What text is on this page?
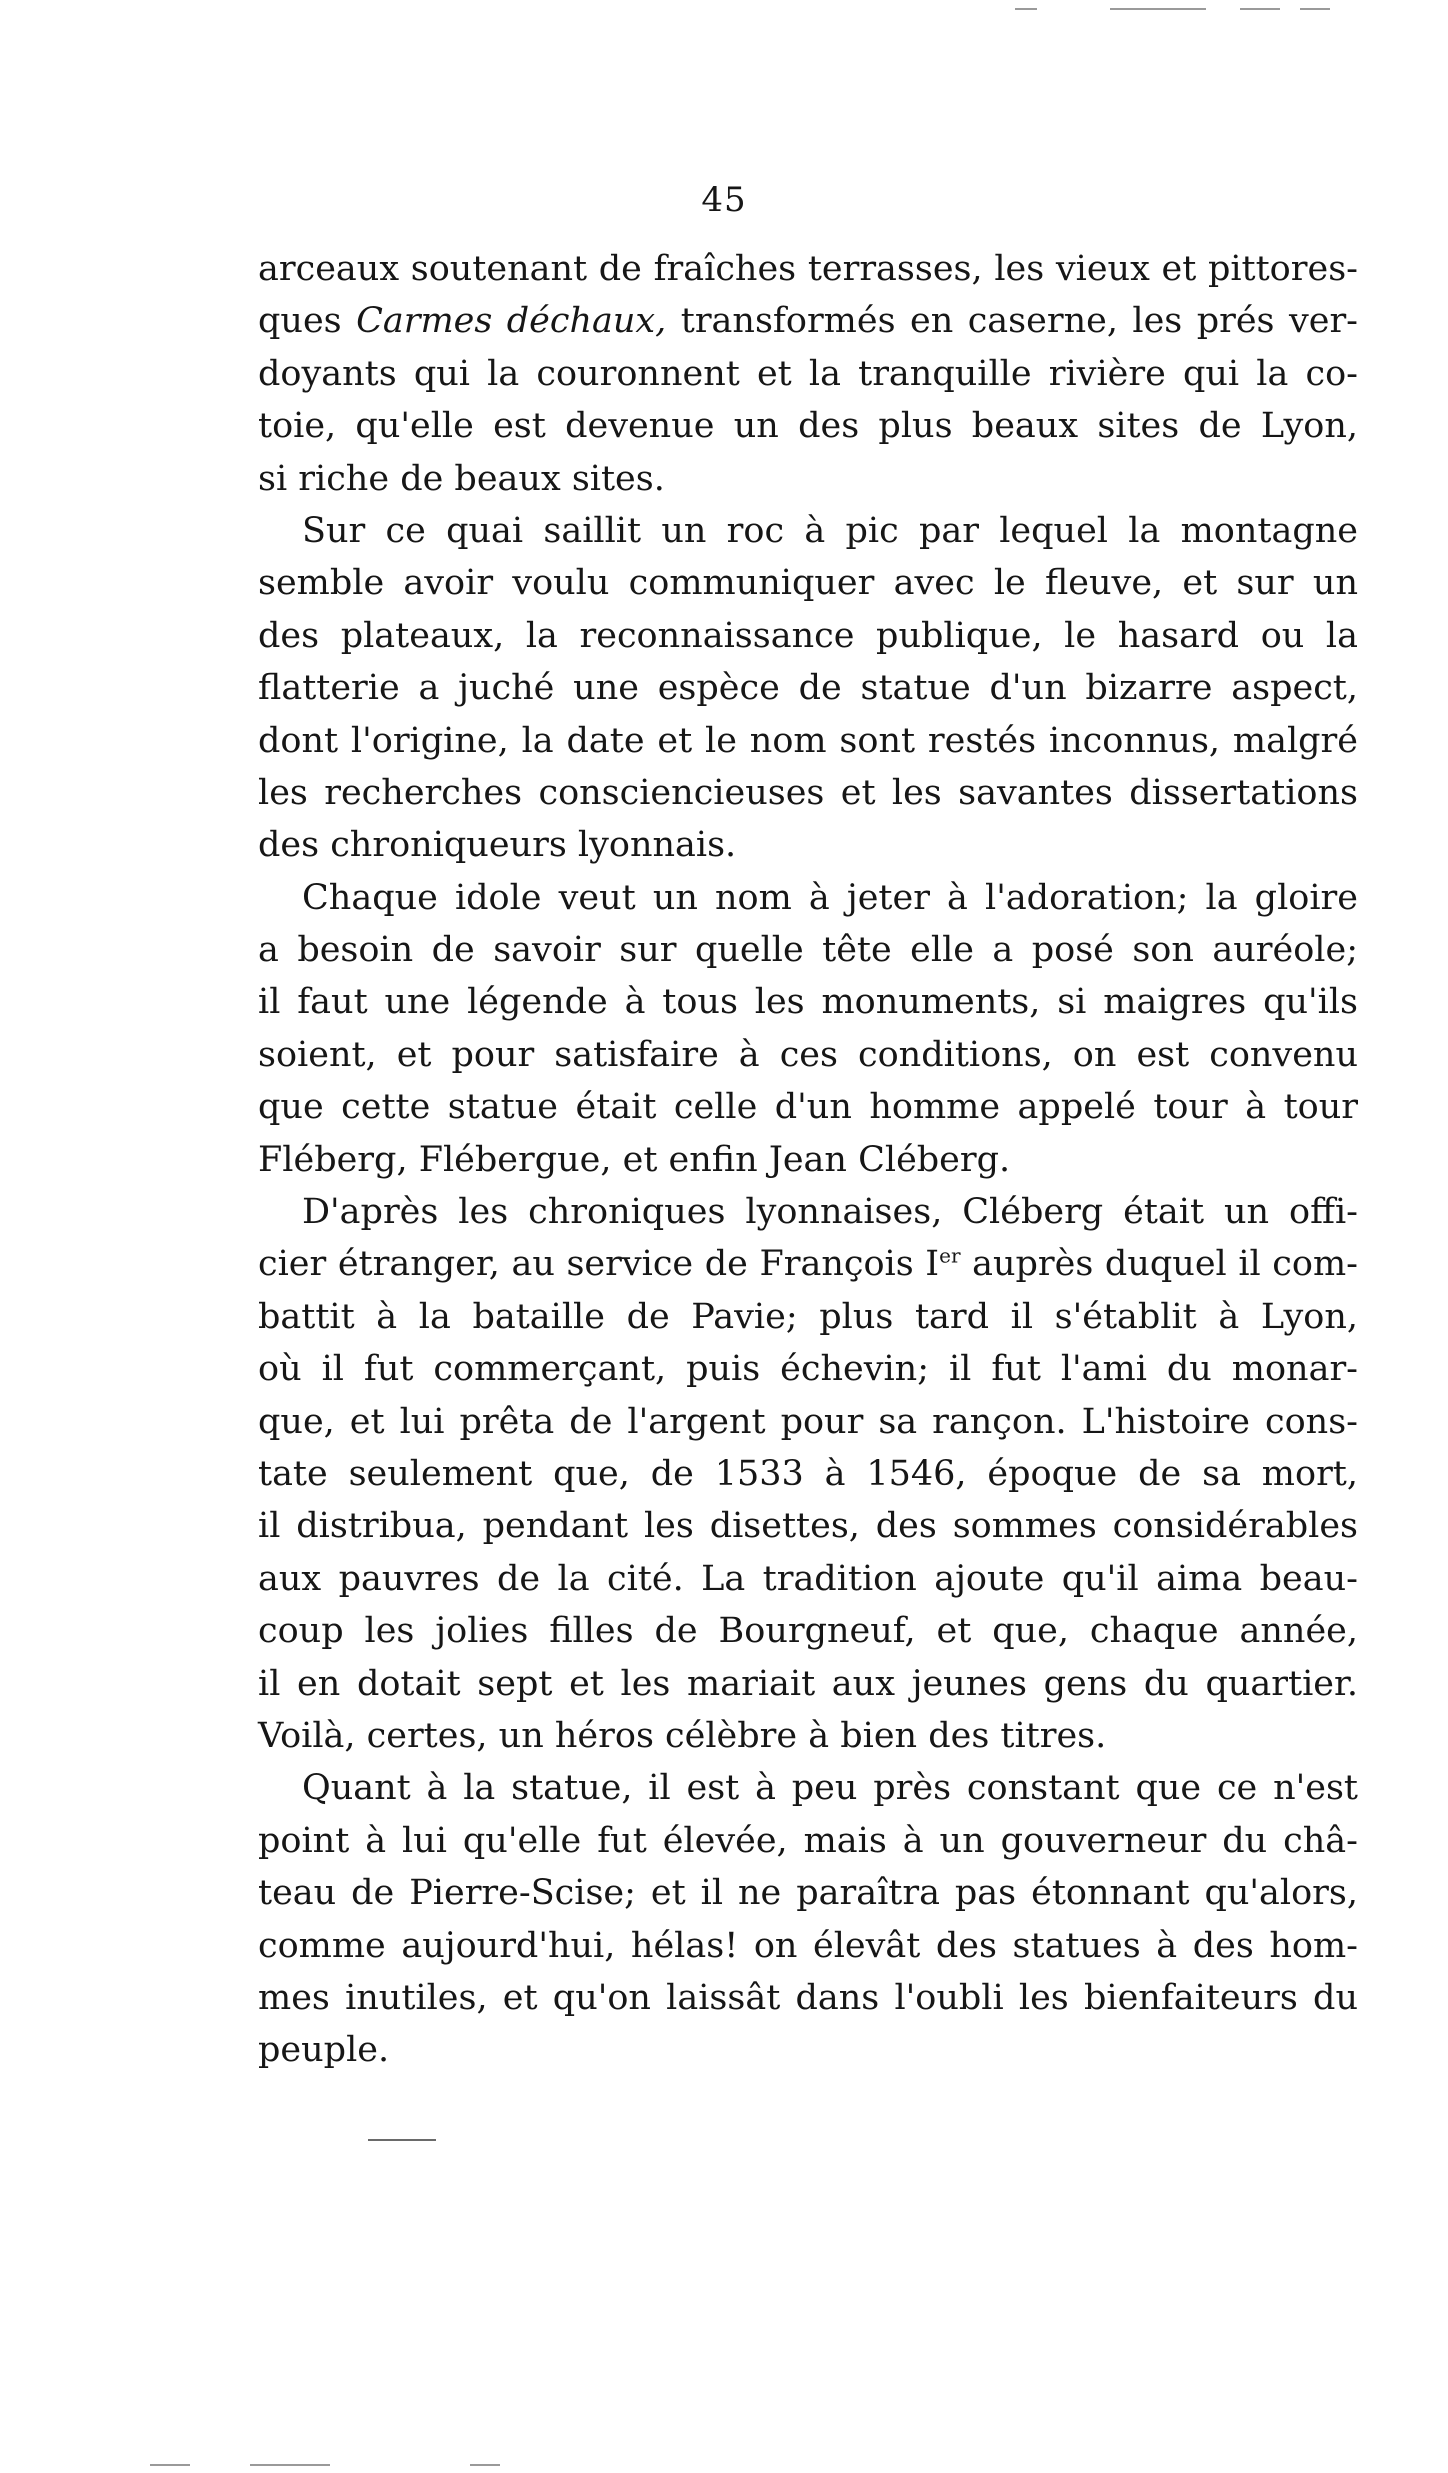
45
arceaux soutenant de fraîches terrasses, les vieux et pittores-
ques Carmes déchaux, transformés en caserne, les prés ver-
doyants qui la couronnent et la tranquille rivière qui la co-
toie, qu'elle est devenue un des plus beaux sites de Lyon,
si riche de beaux sites.
Sur ce quai saillit un roc à pic par lequel la montagne
semble avoir voulu communiquer avec le fleuve, et sur un
des plateaux, la reconnaissance publique, le hasard ou la
flatterie a juché une espèce de statue d'un bizarre aspect,
dont l'origine, la date et le nom sont restés inconnus, malgré
les recherches consciencieuses et les savantes dissertations
des chroniqueurs lyonnais.
Chaque idole veut un nom à jeter à l'adoration; la gloire
a besoin de savoir sur quelle tête elle a posé son auréole;
il faut une légende à tous les monuments, si maigres qu'ils
soient, et pour satisfaire à ces conditions, on est convenu
que cette statue était celle d'un homme appelé tour à tour
Fléberg, Flébergue, et enfin Jean Cléberg.
D'après les chroniques lyonnaises, Cléberg était un offi-
cier étranger, au service de François Ier auprès duquel il com-
battit à la bataille de Pavie; plus tard il s'établit à Lyon,
où il fut commerçant, puis échevin; il fut l'ami du monar-
que, et lui prêta de l'argent pour sa rançon. L'histoire cons-
tate seulement que, de 1533 à 1546, époque de sa mort,
il distribua, pendant les disettes, des sommes considérables
aux pauvres de la cité. La tradition ajoute qu'il aima beau-
coup les jolies filles de Bourgneuf, et que, chaque année,
il en dotait sept et les mariait aux jeunes gens du quartier.
Voilà, certes, un héros célèbre à bien des titres.
Quant à la statue, il est à peu près constant que ce n'est
point à lui qu'elle fut élevée, mais à un gouverneur du châ-
teau de Pierre-Scise; et il ne paraîtra pas étonnant qu'alors,
comme aujourd'hui, hélas! on élevât des statues à des hom-
mes inutiles, et qu'on laissât dans l'oubli les bienfaiteurs du
peuple.
